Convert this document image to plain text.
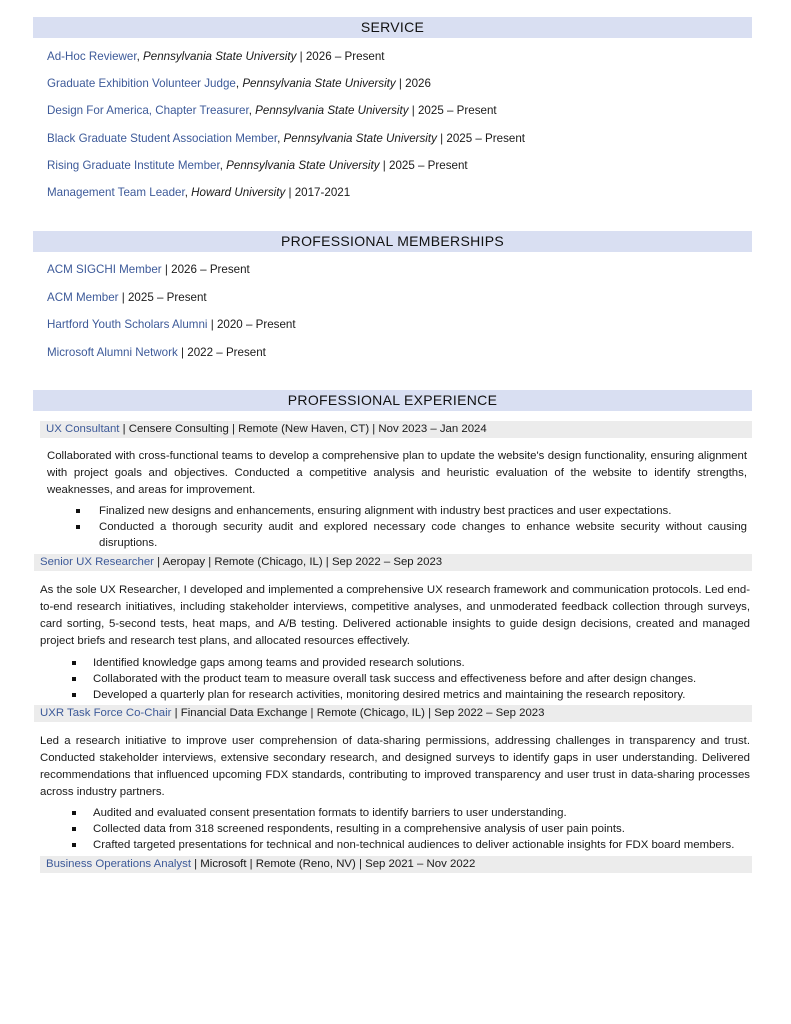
SERVICE
Ad-Hoc Reviewer, Pennsylvania State University | 2026 – Present
Graduate Exhibition Volunteer Judge, Pennsylvania State University | 2026
Design For America, Chapter Treasurer, Pennsylvania State University | 2025 – Present
Black Graduate Student Association Member, Pennsylvania State University | 2025 – Present
Rising Graduate Institute Member, Pennsylvania State University | 2025 – Present
Management Team Leader, Howard University | 2017-2021
PROFESSIONAL MEMBERSHIPS
ACM SIGCHI Member | 2026 – Present
ACM Member | 2025 – Present
Hartford Youth Scholars Alumni | 2020 – Present
Microsoft Alumni Network | 2022 – Present
PROFESSIONAL EXPERIENCE
UX Consultant | Censere Consulting | Remote (New Haven, CT) | Nov 2023 – Jan 2024
Collaborated with cross-functional teams to develop a comprehensive plan to update the website's design functionality, ensuring alignment with project goals and objectives. Conducted a competitive analysis and heuristic evaluation of the website to identify strengths, weaknesses, and areas for improvement.
Finalized new designs and enhancements, ensuring alignment with industry best practices and user expectations.
Conducted a thorough security audit and explored necessary code changes to enhance website security without causing disruptions.
Senior UX Researcher | Aeropay | Remote (Chicago, IL) | Sep 2022 – Sep 2023
As the sole UX Researcher, I developed and implemented a comprehensive UX research framework and communication protocols. Led end-to-end research initiatives, including stakeholder interviews, competitive analyses, and unmoderated feedback collection through surveys, card sorting, 5-second tests, heat maps, and A/B testing. Delivered actionable insights to guide design decisions, created and managed project briefs and research test plans, and allocated resources effectively.
Identified knowledge gaps among teams and provided research solutions.
Collaborated with the product team to measure overall task success and effectiveness before and after design changes.
Developed a quarterly plan for research activities, monitoring desired metrics and maintaining the research repository.
UXR Task Force Co-Chair | Financial Data Exchange | Remote (Chicago, IL) | Sep 2022 – Sep 2023
Led a research initiative to improve user comprehension of data-sharing permissions, addressing challenges in transparency and trust. Conducted stakeholder interviews, extensive secondary research, and designed surveys to identify gaps in user understanding. Delivered recommendations that influenced upcoming FDX standards, contributing to improved transparency and user trust in data-sharing processes across industry partners.
Audited and evaluated consent presentation formats to identify barriers to user understanding.
Collected data from 318 screened respondents, resulting in a comprehensive analysis of user pain points.
Crafted targeted presentations for technical and non-technical audiences to deliver actionable insights for FDX board members.
Business Operations Analyst | Microsoft | Remote (Reno, NV) | Sep 2021 – Nov 2022
